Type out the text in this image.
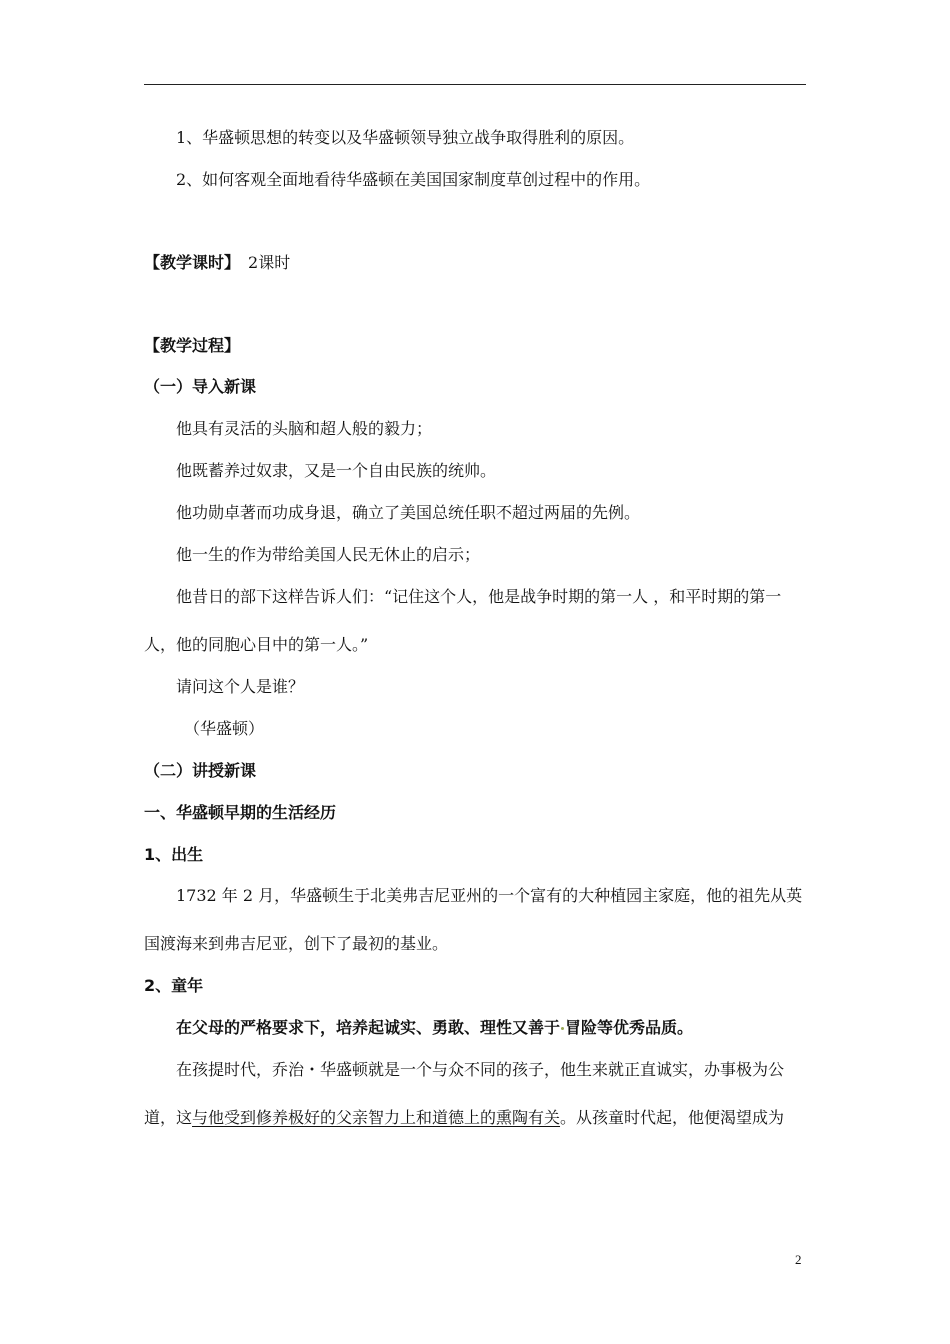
1、华盛顿思想的转变以及华盛顿领导独立战争取得胜利的原因。
2、如何客观全面地看待华盛顿在美国国家制度草创过程中的作用。
【教学课时】 2课时
【教学过程】
（一）导入新课
他具有灵活的头脑和超人般的毅力；
他既蓄养过奴隶，又是一个自由民族的统帅。
他功勋卓著而功成身退，确立了美国总统任职不超过两届的先例。
他一生的作为带给美国人民无休止的启示；
他昔日的部下这样告诉人们：“记住这个人，他是战争时期的第一人 ，和平时期的第一
人，他的同胞心目中的第一人。”
请问这个人是谁？
（华盛顿）
（二）讲授新课
一、华盛顿早期的生活经历
1、出生
1732 年 2 月，华盛顿生于北美弗吉尼亚州的一个富有的大种植园主家庭，他的祖先从英
国渡海来到弗吉尼亚，创下了最初的基业。
2、童年
在父母的严格要求下，培养起诚实、勇敢、理性又善于 冒险等优秀品质。
在孩提时代，乔治・华盛顿就是一个与众不同的孩子，他生来就正直诚实，办事极为公
道，这与他受到修养极好的父亲智力上和道德上的熏陶有关。从孩童时代起，他便渴望成为
2
